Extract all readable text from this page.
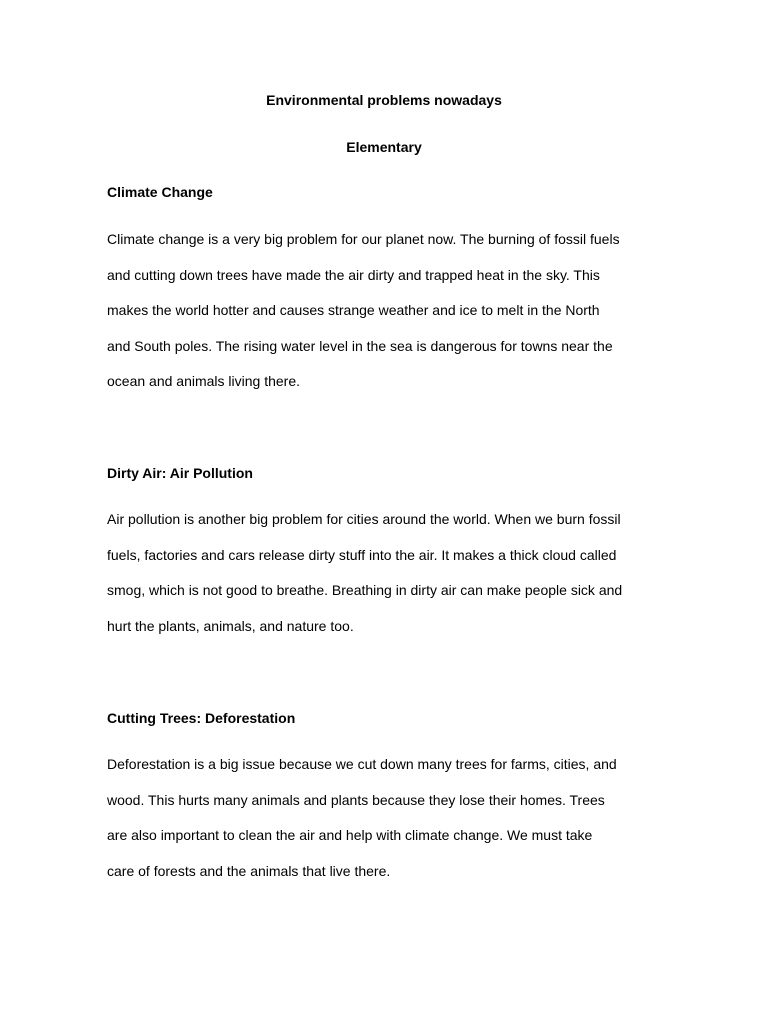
Environmental problems nowadays
Elementary
Climate Change

Climate change is a very big problem for our planet now. The burning of fossil fuels
and cutting down trees have made the air dirty and trapped heat in the sky. This
makes the world hotter and causes strange weather and ice to melt in the North
and South poles. The rising water level in the sea is dangerous for towns near the
ocean and animals living there.

Dirty Air: Air Pollution

Air pollution is another big problem for cities around the world. When we burn fossil
fuels, factories and cars release dirty stuff into the air. It makes a thick cloud called
smog, which is not good to breathe. Breathing in dirty air can make people sick and
hurt the plants, animals, and nature too.

Cutting Trees: Deforestation

Deforestation is a big issue because we cut down many trees for farms, cities, and
wood. This hurts many animals and plants because they lose their homes. Trees
are also important to clean the air and help with climate change. We must take
care of forests and the animals that live there.
